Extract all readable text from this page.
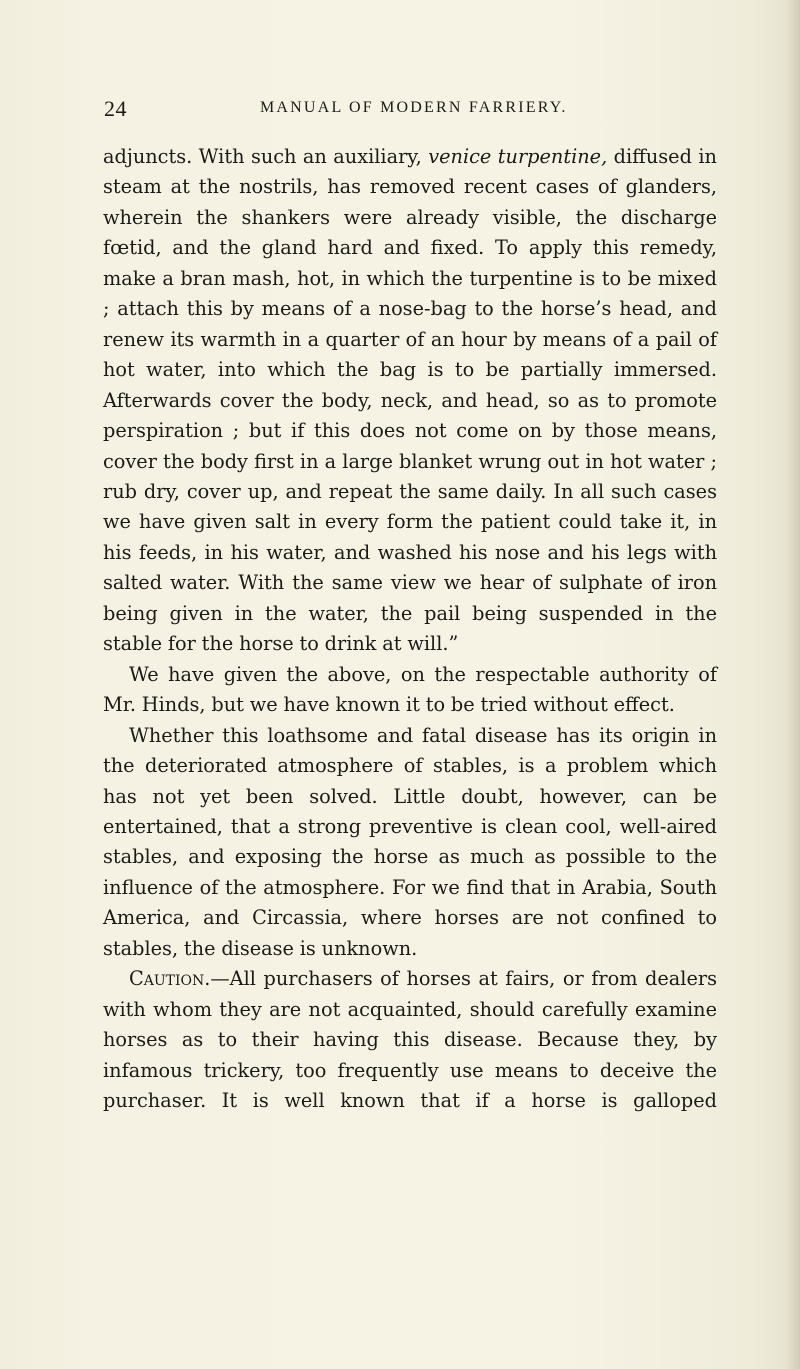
24	MANUAL OF MODERN FARRIERY.

adjuncts. With such an auxiliary, venice turpentine, diffused in steam at the nostrils, has removed recent cases of glanders, wherein the shankers were already visible, the discharge fœtid, and the gland hard and fixed. To apply this remedy, make a bran mash, hot, in which the turpentine is to be mixed ; attach this by means of a nose-bag to the horse’s head, and renew its warmth in a quarter of an hour by means of a pail of hot water, into which the bag is to be partially immersed. Afterwards cover the body, neck, and head, so as to promote perspiration ; but if this does not come on by those means, cover the body first in a large blanket wrung out in hot water ; rub dry, cover up, and repeat the same daily. In all such cases we have given salt in every form the patient could take it, in his feeds, in his water, and washed his nose and his legs with salted water. With the same view we hear of sulphate of iron being given in the water, the pail being suspended in the stable for the horse to drink at will.”

We have given the above, on the respectable authority of Mr. Hinds, but we have known it to be tried without effect.

Whether this loathsome and fatal disease has its origin in the deteriorated atmosphere of stables, is a problem which has not yet been solved. Little doubt, however, can be entertained, that a strong preventive is clean cool, well-aired stables, and exposing the horse as much as possible to the influence of the atmosphere. For we find that in Arabia, South America, and Circassia, where horses are not confined to stables, the disease is unknown.

Caution.—All purchasers of horses at fairs, or from dealers with whom they are not acquainted, should carefully examine horses as to their having this disease. Because they, by infamous trickery, too frequently use means to deceive the purchaser. It is well known that if a horse is galloped
